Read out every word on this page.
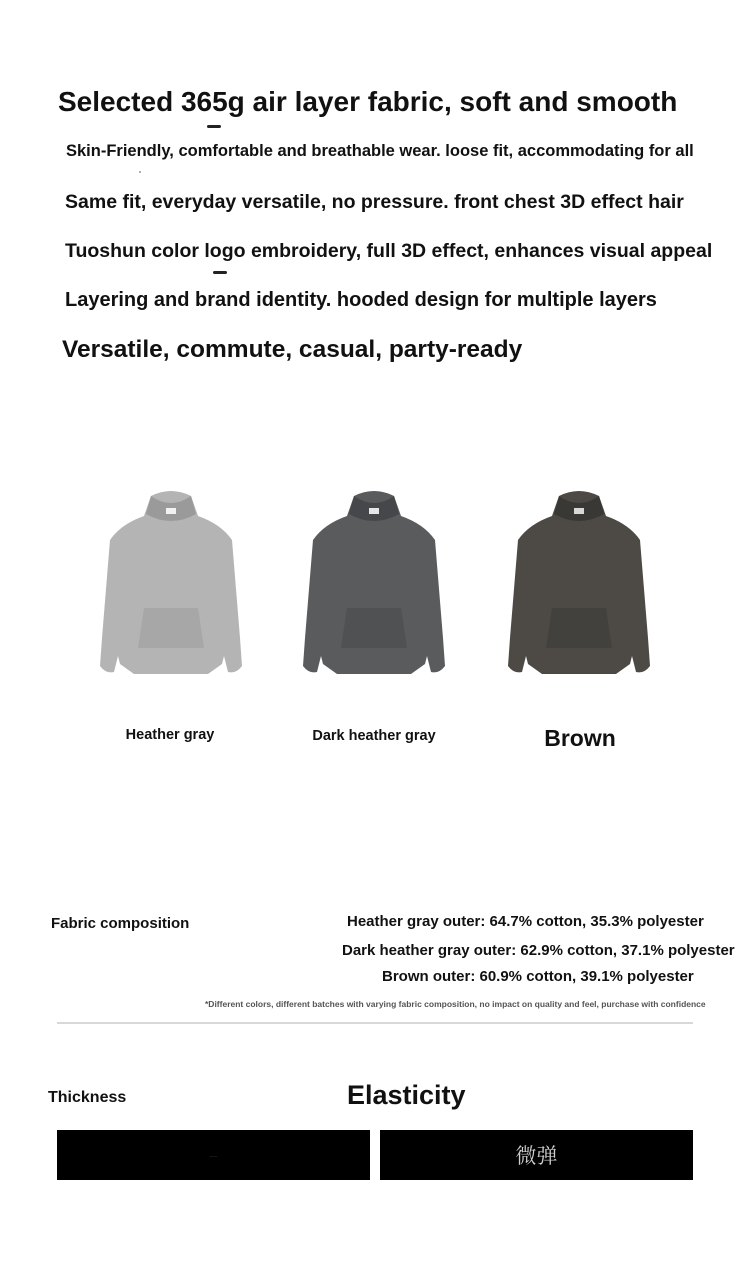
Selected 365g air layer fabric, soft and smooth
Skin-Friendly, comfortable and breathable wear. loose fit, accommodating for all
Same fit, everyday versatile, no pressure. front chest 3D effect hair
Tuoshun color logo embroidery, full 3D effect, enhances visual appeal
Layering and brand identity. hooded design for multiple layers
Versatile, commute, casual, party-ready
Heather gray	Dark heather gray	Brown
Fabric composition	Heather gray outer: 64.7% cotton, 35.3% polyester
Dark heather gray outer: 62.9% cotton, 37.1% polyester
Brown outer: 60.9% cotton, 39.1% polyester
*Different colors, different batches with varying fabric composition, no impact on quality and feel, purchase with confidence
Thickness	Elasticity
......	微弹
